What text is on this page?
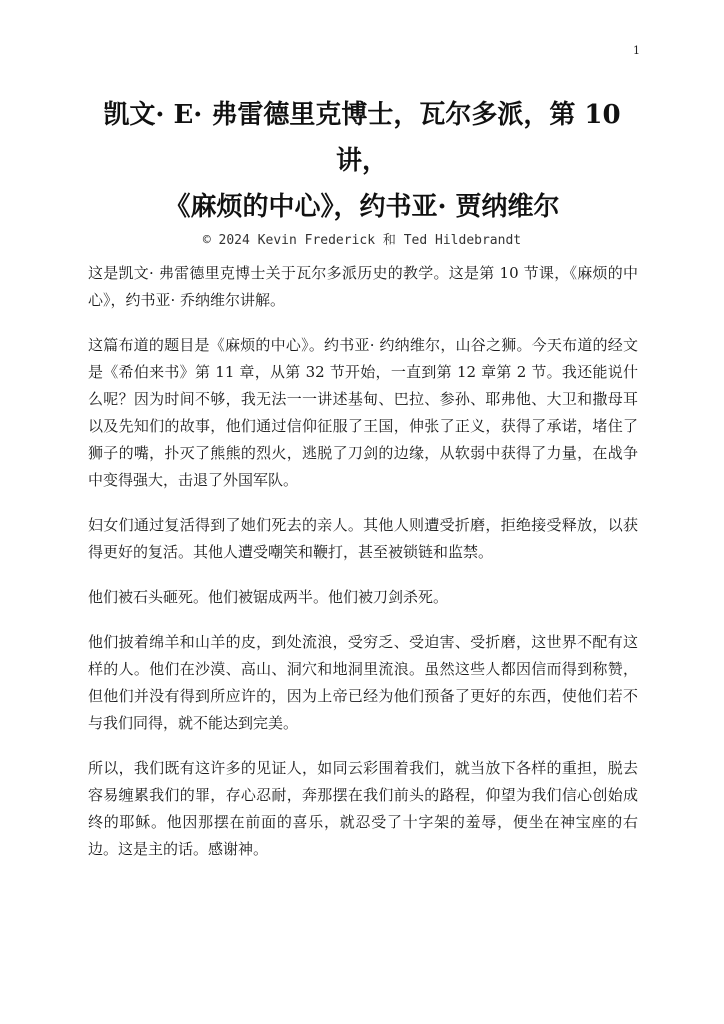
1
凯文· E· 弗雷德里克博士，瓦尔多派，第 10 讲，
《麻烦的中心》，约书亚· 贾纳维尔
© 2024 Kevin Frederick 和 Ted Hildebrandt

这是凯文· 弗雷德里克博士关于瓦尔多派历史的教学。这是第 10 节课，《麻烦的中心》，约书亚· 乔纳维尔讲解。

这篇布道的题目是《麻烦的中心》。约书亚· 约纳维尔，山谷之狮。今天布道的经文是《希伯来书》第 11 章，从第 32 节开始，一直到第 12 章第 2 节。我还能说什么呢？因为时间不够，我无法一一讲述基甸、巴拉、参孙、耶弗他、大卫和撒母耳以及先知们的故事，他们通过信仰征服了王国，伸张了正义，获得了承诺，堵住了狮子的嘴，扑灭了熊熊的烈火，逃脱了刀剑的边缘，从软弱中获得了力量，在战争中变得强大，击退了外国军队。

妇女们通过复活得到了她们死去的亲人。其他人则遭受折磨，拒绝接受释放，以获得更好的复活。其他人遭受嘲笑和鞭打，甚至被锁链和监禁。

他们被石头砸死。他们被锯成两半。他们被刀剑杀死。

他们披着绵羊和山羊的皮，到处流浪，受穷乏、受迫害、受折磨，这世界不配有这样的人。他们在沙漠、高山、洞穴和地洞里流浪。虽然这些人都因信而得到称赞，但他们并没有得到所应许的，因为上帝已经为他们预备了更好的东西，使他们若不与我们同得，就不能达到完美。

所以，我们既有这许多的见证人，如同云彩围着我们，就当放下各样的重担，脱去容易缠累我们的罪，存心忍耐，奔那摆在我们前头的路程，仰望为我们信心创始成终的耶稣。他因那摆在前面的喜乐，就忍受了十字架的羞辱，便坐在神宝座的右边。这是主的话。感谢神。
